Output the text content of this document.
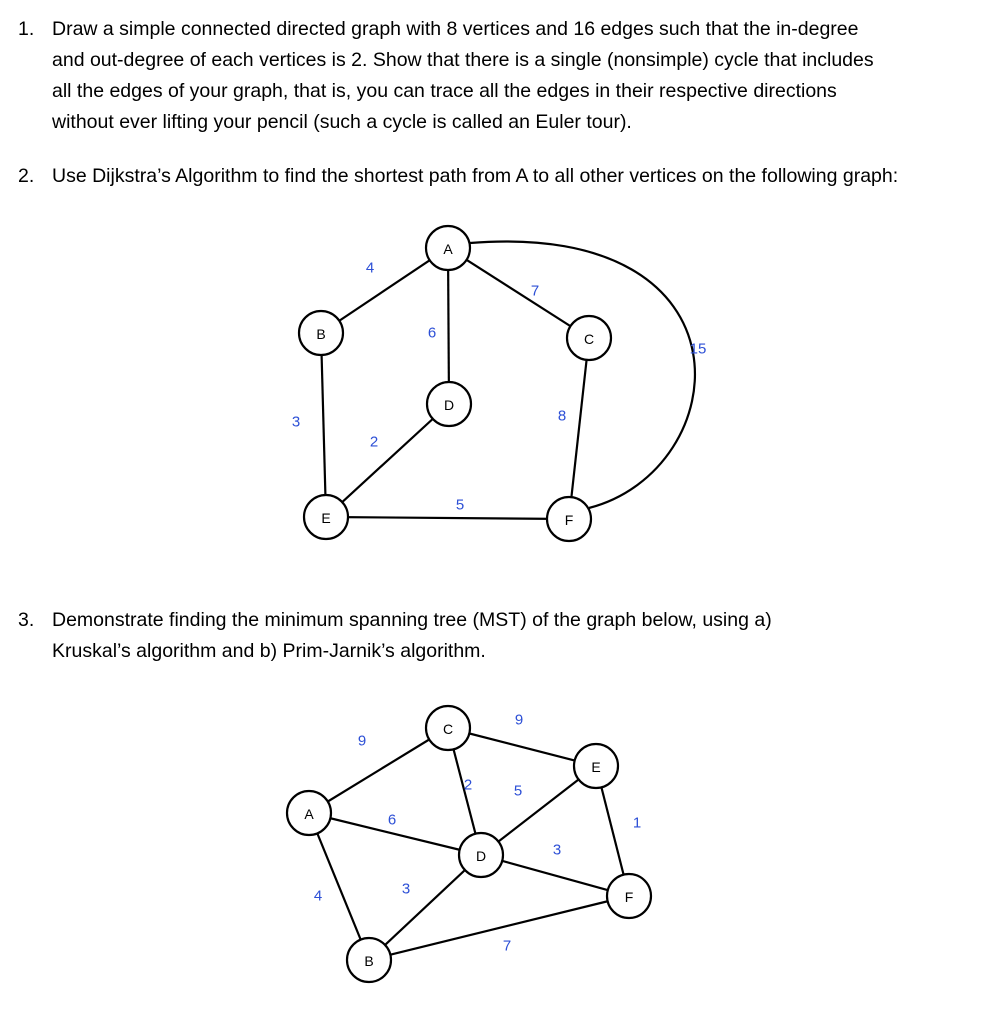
1. Draw a simple connected directed graph with 8 vertices and 16 edges such that the in-degree
and out-degree of each vertices is 2. Show that there is a single (nonsimple) cycle that includes
all the edges of your graph, that is, you can trace all the edges in their respective directions
without ever lifting your pencil (such a cycle is called an Euler tour).
2. Use Dijkstra’s Algorithm to find the shortest path from A to all other vertices on the following graph:
3. Demonstrate finding the minimum spanning tree (MST) of the graph below, using a)
Kruskal’s algorithm and b) Prim-Jarnik’s algorithm.
4
6
7
15
3
2
8
5
A
B	C
D
E	F
9
9
6
4
2	5
3
3
1
7
A
B
C
D
E
F
